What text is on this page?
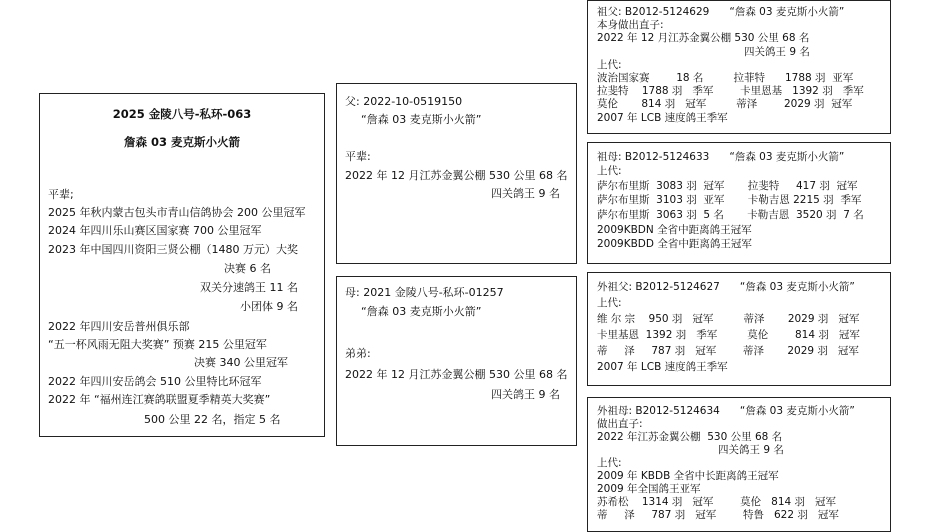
2025 金陵八号-私环-063
詹森 03 麦克斯小火箭
平辈;
2025 年秋内蒙古包头市青山信鸽协会 200 公里冠军
2024 年四川乐山赛区国家赛 700 公里冠军
2023 年中国四川资阳三贤公棚（1480 万元）大奖
决赛 6 名
双关分速鸽王 11 名
小团体 9 名
2022 年四川安岳普州俱乐部
“五一杯风雨无阻大奖赛” 预赛 215 公里冠军
决赛 340 公里冠军
2022 年四川安岳鸽会 510 公里特比环冠军
2022 年 “福州连江赛鸽联盟夏季精英大奖赛”
500 公里 22 名，指定 5 名
父: 2022-10-0519150
“詹森 03 麦克斯小火箭”
平辈:
2022 年 12 月江苏金翼公棚 530 公里 68 名
四关鸽王 9 名
母: 2021 金陵八号-私环-01257
“詹森 03 麦克斯小火箭”
弟弟:
2022 年 12 月江苏金翼公棚 530 公里 68 名
四关鸽王 9 名
祖父: B2012-5124629      “詹森 03 麦克斯小火箭”
本身做出直子:
2022 年 12 月江苏金翼公棚 530 公里 68 名
四关鸽王 9 名
上代:
波治国家赛        18 名         拉菲特      1788 羽  亚军
拉斐特    1788 羽   季军        卡里恩基   1392 羽   季军
莫伦       814 羽   冠军         蒂泽        2029 羽  冠军
2007 年 LCB 速度鸽王季军
祖母: B2012-5124633      “詹森 03 麦克斯小火箭”
上代:
萨尔布里斯  3083 羽  冠军       拉斐特     417 羽  冠军
萨尔布里斯  3103 羽  亚军       卡勒吉恩 2215 羽  季军
萨尔布里斯  3063 羽  5 名       卡勒吉恩  3520 羽  7 名
2009KBDN 全省中距离鸽王冠军
2009KBDD 全省中距离鸽王冠军
外祖父: B2012-5124627      “詹森 03 麦克斯小火箭”
上代:
维 尔 宗    950 羽   冠军         蒂泽       2029 羽   冠军
卡里基恩  1392 羽   季军         莫伦        814 羽   冠军
蒂     泽     787 羽   冠军        蒂泽       2029 羽   冠军
2007 年 LCB 速度鸽王季军
外祖母: B2012-5124634      “詹森 03 麦克斯小火箭”
做出直子:
2022 年江苏金翼公棚  530 公里 68 名
四关鸽王 9 名
上代:
2009 年 KBDB 全省中长距离鸽王冠军
2009 年全国鸽王亚军
苏希松    1314 羽   冠军        莫伦   814 羽   冠军
蒂     泽     787 羽   冠军        特鲁   622 羽   冠军
